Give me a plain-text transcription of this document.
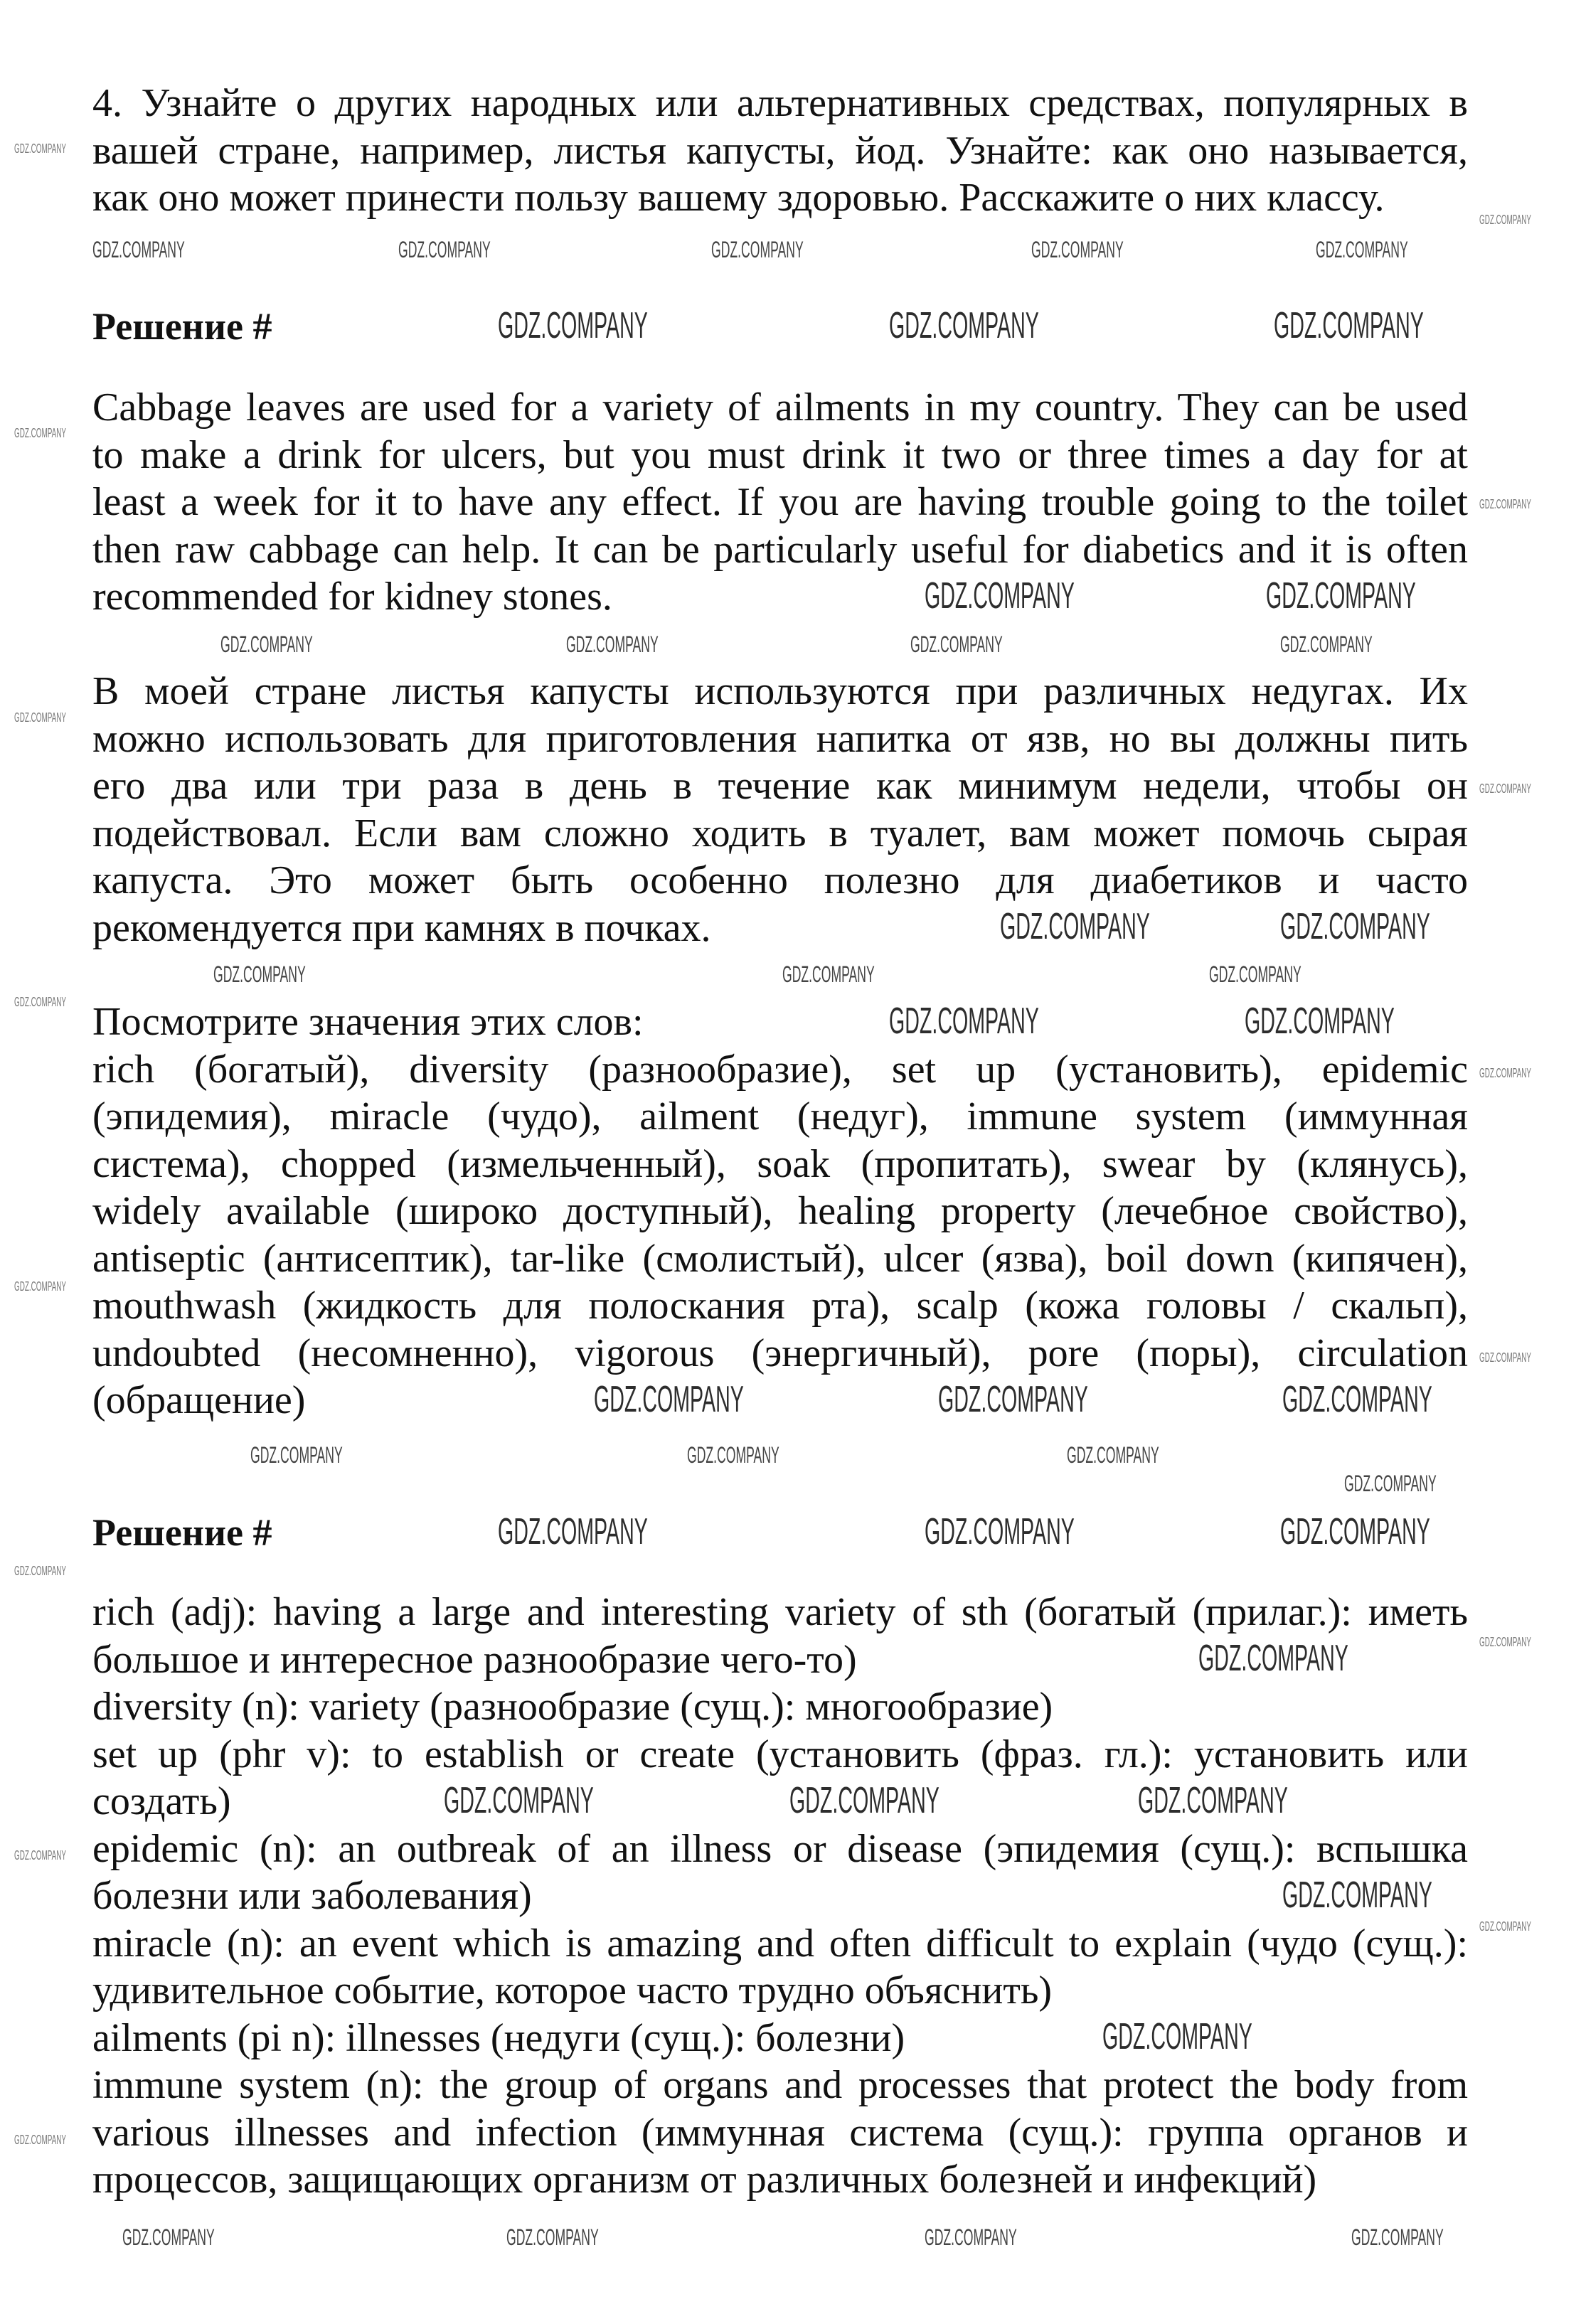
4. Узнайте о других народных или альтернативных средствах, популярных в
вашей стране, например, листья капусты, йод. Узнайте: как оно называется,
как оно может принести пользу вашему здоровью. Расскажите о них классу.
Решение #
Cabbage leaves are used for a variety of ailments in my country. They can be used
to make a drink for ulcers, but you must drink it two or three times a day for at
least a week for it to have any effect. If you are having trouble going to the toilet
then raw cabbage can help. It can be particularly useful for diabetics and it is often
recommended for kidney stones.
В моей стране листья капусты используются при различных недугах. Их
можно использовать для приготовления напитка от язв, но вы должны пить
его два или три раза в день в течение как минимум недели, чтобы он
подействовал. Если вам сложно ходить в туалет, вам может помочь сырая
капуста. Это может быть особенно полезно для диабетиков и часто
рекомендуется при камнях в почках.
Посмотрите значения этих слов:
rich (богатый), diversity (разнообразие), set up (установить), epidemic
(эпидемия), miracle (чудо), ailment (недуг), immune system (иммунная
система), chopped (измельченный), soak (пропитать), swear by (клянусь),
widely available (широко доступный), healing property (лечебное свойство),
antiseptic (антисептик), tar-like (смолистый), ulcer (язва), boil down (кипячен),
mouthwash (жидкость для полоскания рта), scalp (кожа головы / скальп),
undoubted (несомненно), vigorous (энергичный), pore (поры), circulation
(обращение)
Решение #
rich (adj): having a large and interesting variety of sth (богатый (прилаг.): иметь
большое и интересное разнообразие чего-то)
diversity (n): variety (разнообразие (сущ.): многообразие)
set up (phr v): to establish or create (установить (фраз. гл.): установить или
создать)
epidemic (n): an outbreak of an illness or disease (эпидемия (сущ.): вспышка
болезни или заболевания)
miracle (n): an event which is amazing and often difficult to explain (чудо (сущ.):
удивительное событие, которое часто трудно объяснить)
ailments (pi n): illnesses (недуги (сущ.): болезни)
immune system (n): the group of organs and processes that protect the body from
various illnesses and infection (иммунная система (сущ.): группа органов и
процессов, защищающих организм от различных болезней и инфекций)
GDZ.COMPANY	GDZ.COMPANY	GDZ.COMPANY	GDZ.COMPANY	GDZ.COMPANY
GDZ.COMPANY	GDZ.COMPANY	GDZ.COMPANY
GDZ.COMPANY	GDZ.COMPANY
GDZ.COMPANY	GDZ.COMPANY	GDZ.COMPANY	GDZ.COMPANY
GDZ.COMPANY	GDZ.COMPANY
GDZ.COMPANY	GDZ.COMPANY	GDZ.COMPANY
GDZ.COMPANY	GDZ.COMPANY
GDZ.COMPANY	GDZ.COMPANY	GDZ.COMPANY
GDZ.COMPANY	GDZ.COMPANY	GDZ.COMPANY
GDZ.COMPANY
GDZ.COMPANY	GDZ.COMPANY	GDZ.COMPANY
GDZ.COMPANY
GDZ.COMPANY	GDZ.COMPANY	GDZ.COMPANY
GDZ.COMPANY
GDZ.COMPANY
GDZ.COMPANY	GDZ.COMPANY	GDZ.COMPANY	GDZ.COMPANY
GDZ.COMPANY
GDZ.COMPANY
GDZ.COMPANY
GDZ.COMPANY
GDZ.COMPANY
GDZ.COMPANY
GDZ.COMPANY
GDZ.COMPANY
GDZ.COMPANY
GDZ.COMPANY
GDZ.COMPANY
GDZ.COMPANY
GDZ.COMPANY
GDZ.COMPANY
GDZ.COMPANY
